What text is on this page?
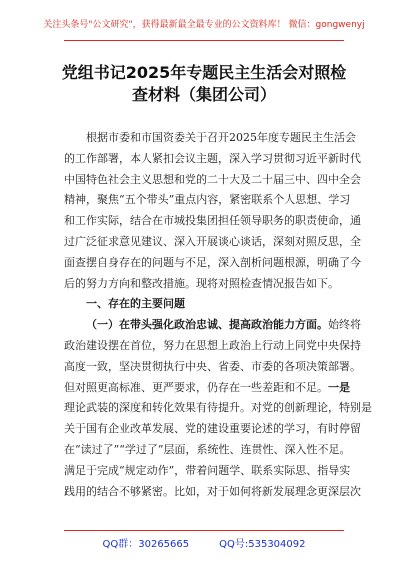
关注头条号"公文研究"，获得最新最全最专业的公文资料库！ 微信：gongwenyj
党组书记2025年专题民主生活会对照检
查材料（集团公司）
根据市委和市国资委关于召开2025年度专题民主生活会
的工作部署，本人紧扣会议主题，深入学习贯彻习近平新时代
中国特色社会主义思想和党的二十大及二十届三中、四中全会
精神，聚焦“五个带头”重点内容，紧密联系个人思想、学习
和工作实际，结合在市城投集团担任领导职务的职责使命，通
过广泛征求意见建议、深入开展谈心谈话，深刻对照反思，全
面查摆自身存在的问题与不足，深入剖析问题根源，明确了今
后的努力方向和整改措施。现将对照检查情况报告如下。
一、存在的主要问题
（一）在带头强化政治忠诚、提高政治能力方面。始终将
政治建设摆在首位，努力在思想上政治上行动上同党中央保持
高度一致，坚决贯彻执行中央、省委、市委的各项决策部署。
但对照更高标准、更严要求，仍存在一些差距和不足。一是
理论武装的深度和转化效果有待提升。对党的创新理论，特别是
关于国有企业改革发展、党的建设重要论述的学习，有时停留
在“读过了”“学过了”层面，系统性、连贯性、深入性不足。
满足于完成“规定动作”，带着问题学、联系实际思、指导实
践用的结合不够紧密。比如，对于如何将新发展理念更深层次
QQ群：30265665	QQ号:535304092
